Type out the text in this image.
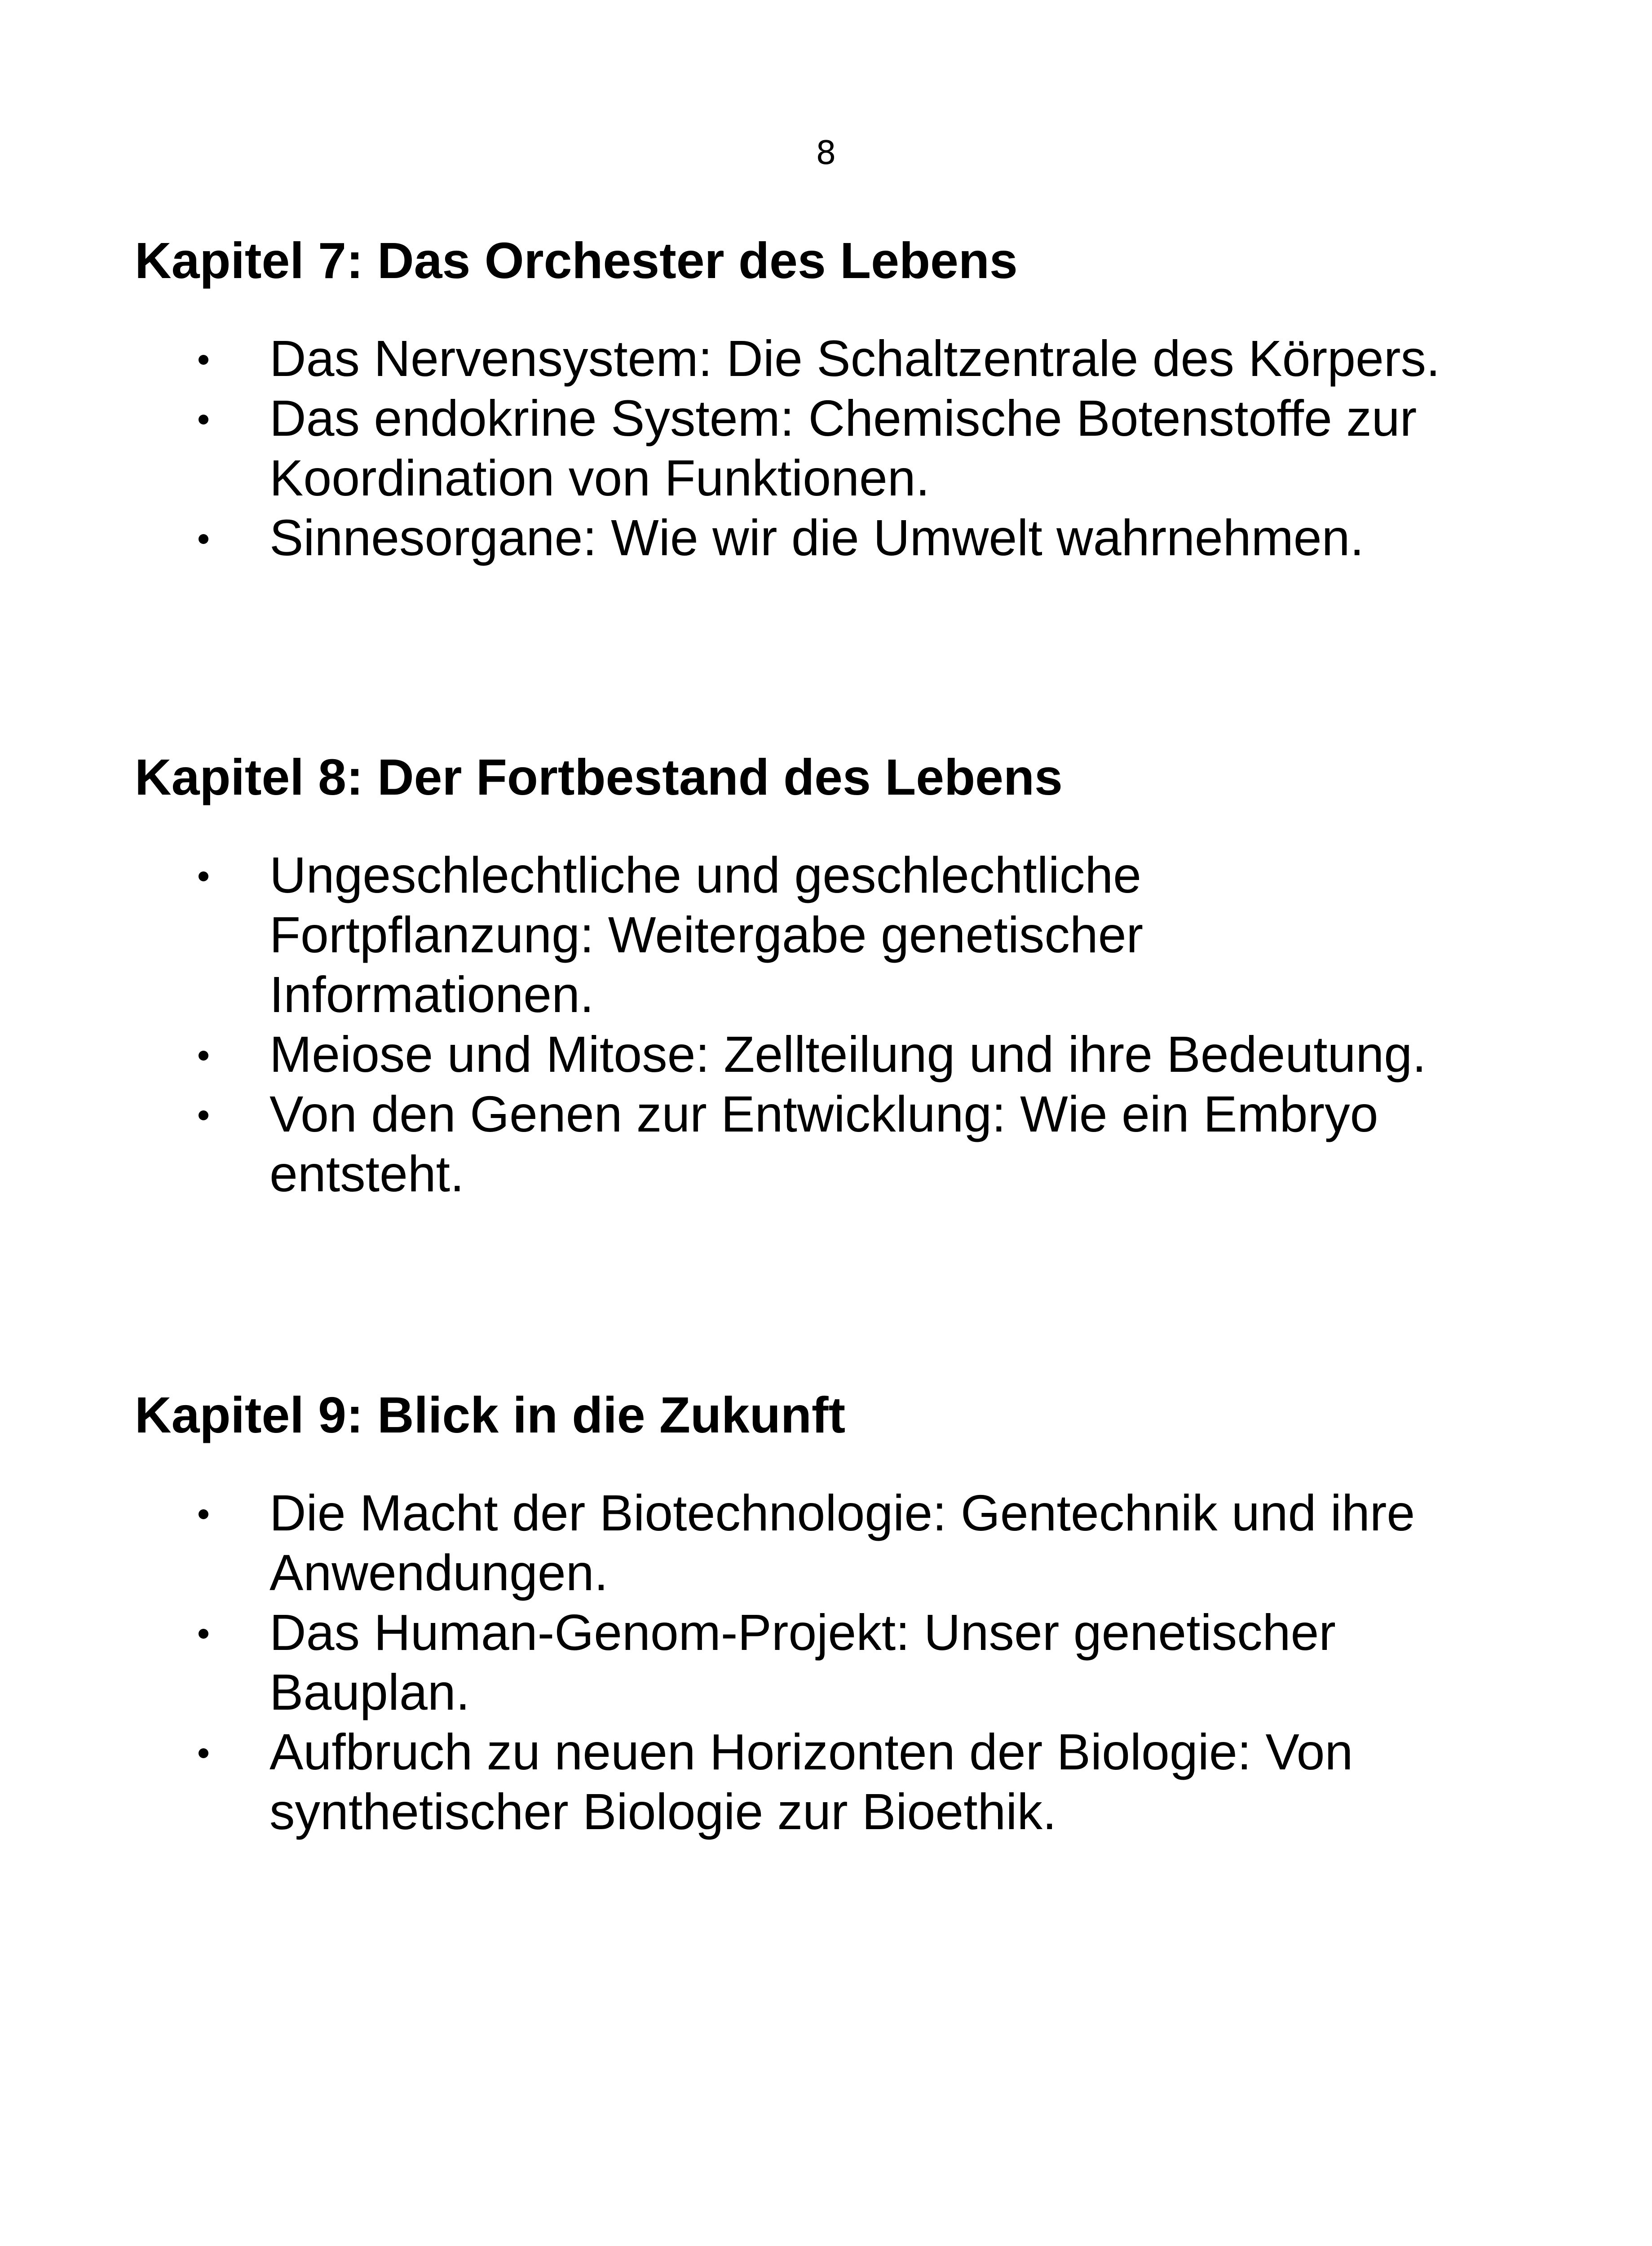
8
Kapitel 7: Das Orchester des Lebens
Das Nervensystem: Die Schaltzentrale des Körpers.
Das endokrine System: Chemische Botenstoffe zur
Koordination von Funktionen.
Sinnesorgane: Wie wir die Umwelt wahrnehmen.
Kapitel 8: Der Fortbestand des Lebens
Ungeschlechtliche und geschlechtliche
Fortpflanzung: Weitergabe genetischer
Informationen.
Meiose und Mitose: Zellteilung und ihre Bedeutung.
Von den Genen zur Entwicklung: Wie ein Embryo
entsteht.
Kapitel 9: Blick in die Zukunft
Die Macht der Biotechnologie: Gentechnik und ihre
Anwendungen.
Das Human-Genom-Projekt: Unser genetischer
Bauplan.
Aufbruch zu neuen Horizonten der Biologie: Von
synthetischer Biologie zur Bioethik.
